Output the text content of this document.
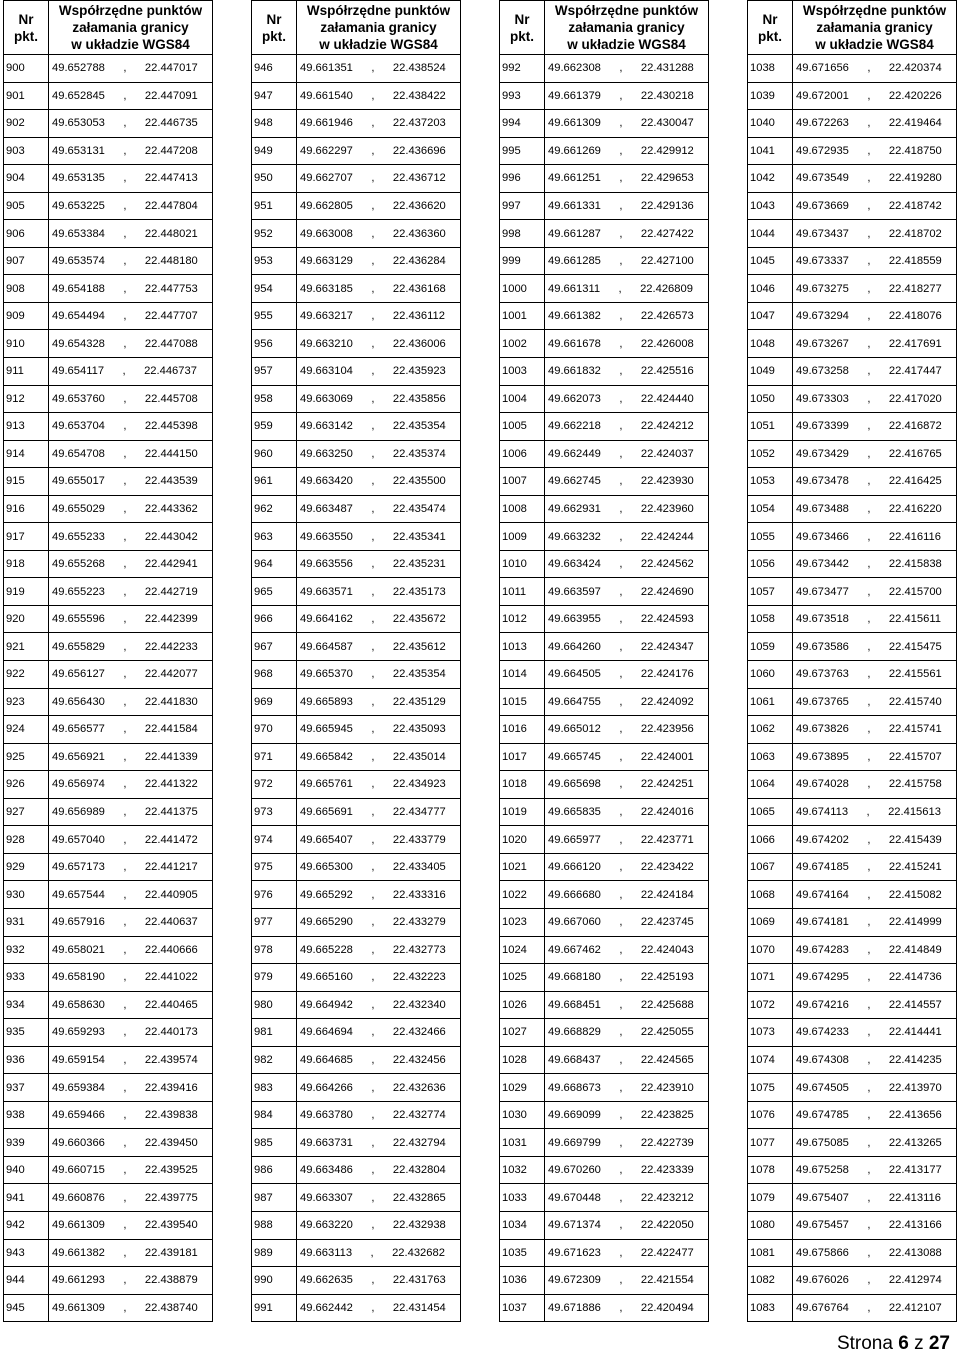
Nr
pkt.	Współrzędne punktów
załamania granicy
w układzie WGS84

900	49.652788 , 22.447017
901	49.652845 , 22.447091
902	49.653053 , 22.446735
903	49.653131 , 22.447208
904	49.653135 , 22.447413
905	49.653225 , 22.447804
906	49.653384 , 22.448021
907	49.653574 , 22.448180
908	49.654188 , 22.447753
909	49.654494 , 22.447707
910	49.654328 , 22.447088
911	49.654117 , 22.446737
912	49.653760 , 22.445708
913	49.653704 , 22.445398
914	49.654708 , 22.444150
915	49.655017 , 22.443539
916	49.655029 , 22.443362
917	49.655233 , 22.443042
918	49.655268 , 22.442941
919	49.655223 , 22.442719
920	49.655596 , 22.442399
921	49.655829 , 22.442233
922	49.656127 , 22.442077
923	49.656430 , 22.441830
924	49.656577 , 22.441584
925	49.656921 , 22.441339
926	49.656974 , 22.441322
927	49.656989 , 22.441375
928	49.657040 , 22.441472
929	49.657173 , 22.441217
930	49.657544 , 22.440905
931	49.657916 , 22.440637
932	49.658021 , 22.440666
933	49.658190 , 22.441022
934	49.658630 , 22.440465
935	49.659293 , 22.440173
936	49.659154 , 22.439574
937	49.659384 , 22.439416
938	49.659466 , 22.439838
939	49.660366 , 22.439450
940	49.660715 , 22.439525
941	49.660876 , 22.439775
942	49.661309 , 22.439540
943	49.661382 , 22.439181
944	49.661293 , 22.438879
945	49.661309 , 22.438740
Nr
pkt.	Współrzędne punktów
załamania granicy
w układzie WGS84

946	49.661351 , 22.438524
947	49.661540 , 22.438422
948	49.661946 , 22.437203
949	49.662297 , 22.436696
950	49.662707 , 22.436712
951	49.662805 , 22.436620
952	49.663008 , 22.436360
953	49.663129 , 22.436284
954	49.663185 , 22.436168
955	49.663217 , 22.436112
956	49.663210 , 22.436006
957	49.663104 , 22.435923
958	49.663069 , 22.435856
959	49.663142 , 22.435354
960	49.663250 , 22.435374
961	49.663420 , 22.435500
962	49.663487 , 22.435474
963	49.663550 , 22.435341
964	49.663556 , 22.435231
965	49.663571 , 22.435173
966	49.664162 , 22.435672
967	49.664587 , 22.435612
968	49.665370 , 22.435354
969	49.665893 , 22.435129
970	49.665945 , 22.435093
971	49.665842 , 22.435014
972	49.665761 , 22.434923
973	49.665691 , 22.434777
974	49.665407 , 22.433779
975	49.665300 , 22.433405
976	49.665292 , 22.433316
977	49.665290 , 22.433279
978	49.665228 , 22.432773
979	49.665160 , 22.432223
980	49.664942 , 22.432340
981	49.664694 , 22.432466
982	49.664685 , 22.432456
983	49.664266 , 22.432636
984	49.663780 , 22.432774
985	49.663731 , 22.432794
986	49.663486 , 22.432804
987	49.663307 , 22.432865
988	49.663220 , 22.432938
989	49.663113 , 22.432682
990	49.662635 , 22.431763
991	49.662442 , 22.431454
Nr
pkt.	Współrzędne punktów
załamania granicy
w układzie WGS84

992	49.662308 , 22.431288
993	49.661379 , 22.430218
994	49.661309 , 22.430047
995	49.661269 , 22.429912
996	49.661251 , 22.429653
997	49.661331 , 22.429136
998	49.661287 , 22.427422
999	49.661285 , 22.427100
1000	49.661311 , 22.426809
1001	49.661382 , 22.426573
1002	49.661678 , 22.426008
1003	49.661832 , 22.425516
1004	49.662073 , 22.424440
1005	49.662218 , 22.424212
1006	49.662449 , 22.424037
1007	49.662745 , 22.423930
1008	49.662931 , 22.423960
1009	49.663232 , 22.424244
1010	49.663424 , 22.424562
1011	49.663597 , 22.424690
1012	49.663955 , 22.424593
1013	49.664260 , 22.424347
1014	49.664505 , 22.424176
1015	49.664755 , 22.424092
1016	49.665012 , 22.423956
1017	49.665745 , 22.424001
1018	49.665698 , 22.424251
1019	49.665835 , 22.424016
1020	49.665977 , 22.423771
1021	49.666120 , 22.423422
1022	49.666680 , 22.424184
1023	49.667060 , 22.423745
1024	49.667462 , 22.424043
1025	49.668180 , 22.425193
1026	49.668451 , 22.425688
1027	49.668829 , 22.425055
1028	49.668437 , 22.424565
1029	49.668673 , 22.423910
1030	49.669099 , 22.423825
1031	49.669799 , 22.422739
1032	49.670260 , 22.423339
1033	49.670448 , 22.423212
1034	49.671374 , 22.422050
1035	49.671623 , 22.422477
1036	49.672309 , 22.421554
1037	49.671886 , 22.420494
Nr
pkt.	Współrzędne punktów
załamania granicy
w układzie WGS84

1038	49.671656 , 22.420374
1039	49.672001 , 22.420226
1040	49.672263 , 22.419464
1041	49.672935 , 22.418750
1042	49.673549 , 22.419280
1043	49.673669 , 22.418742
1044	49.673437 , 22.418702
1045	49.673337 , 22.418559
1046	49.673275 , 22.418277
1047	49.673294 , 22.418076
1048	49.673267 , 22.417691
1049	49.673258 , 22.417447
1050	49.673303 , 22.417020
1051	49.673399 , 22.416872
1052	49.673429 , 22.416765
1053	49.673478 , 22.416425
1054	49.673488 , 22.416220
1055	49.673466 , 22.416116
1056	49.673442 , 22.415838
1057	49.673477 , 22.415700
1058	49.673518 , 22.415611
1059	49.673586 , 22.415475
1060	49.673763 , 22.415561
1061	49.673765 , 22.415740
1062	49.673826 , 22.415741
1063	49.673895 , 22.415707
1064	49.674028 , 22.415758
1065	49.674113 , 22.415613
1066	49.674202 , 22.415439
1067	49.674185 , 22.415241
1068	49.674164 , 22.415082
1069	49.674181 , 22.414999
1070	49.674283 , 22.414849
1071	49.674295 , 22.414736
1072	49.674216 , 22.414557
1073	49.674233 , 22.414441
1074	49.674308 , 22.414235
1075	49.674505 , 22.413970
1076	49.674785 , 22.413656
1077	49.675085 , 22.413265
1078	49.675258 , 22.413177
1079	49.675407 , 22.413116
1080	49.675457 , 22.413166
1081	49.675866 , 22.413088
1082	49.676026 , 22.412974
1083	49.676764 , 22.412107
Strona 6 z 27
